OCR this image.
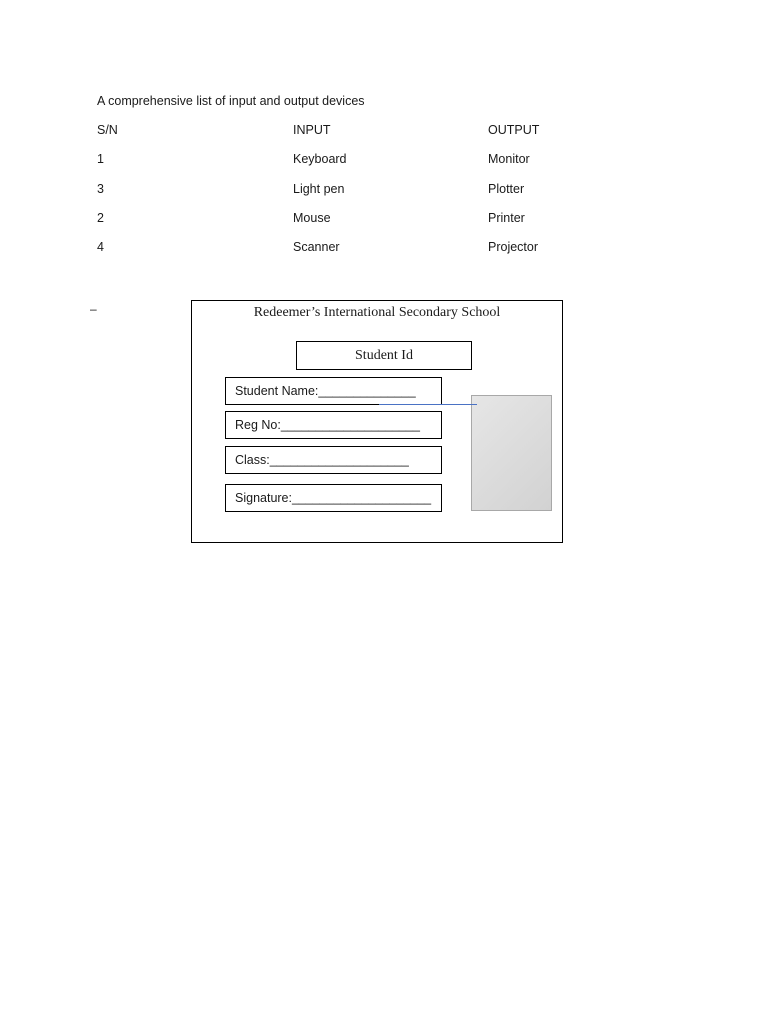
A comprehensive list of input and output devices
S/N	INPUT	OUTPUT
1	Keyboard	Monitor
3	Light pen	Plotter
2	Mouse	Printer
4	Scanner	Projector
–	Redeemer’s International Secondary School
Student Id
Student Name:______________
Reg No:____________________
Class:____________________
Signature:____________________
